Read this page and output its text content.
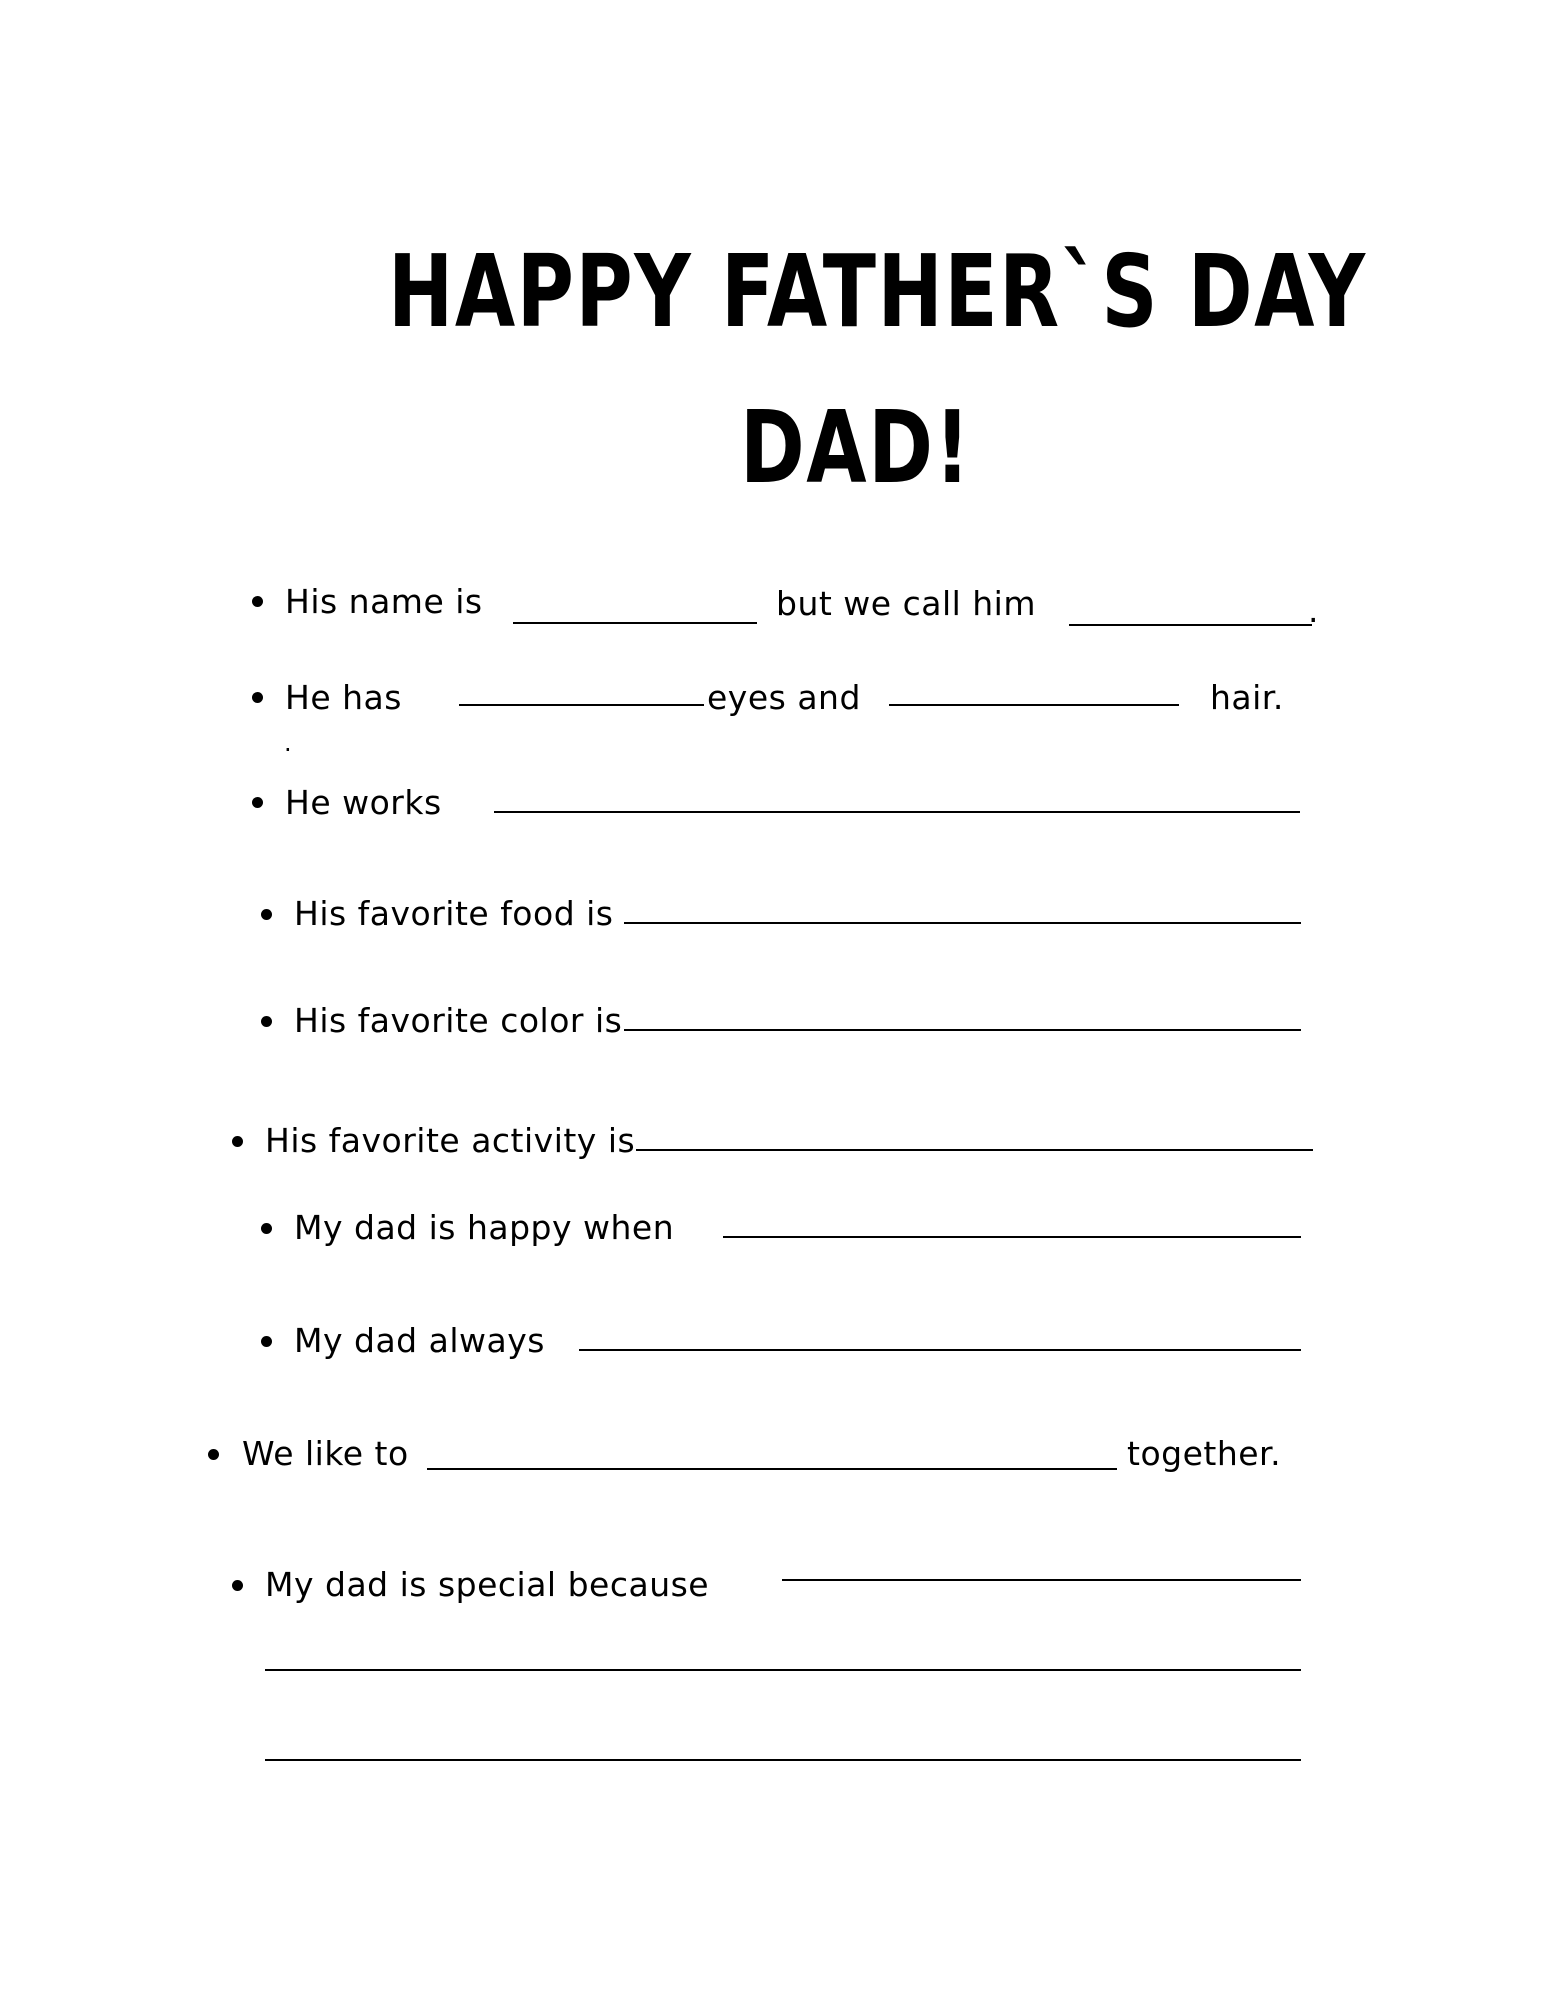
HAPPY FATHER`S DAY
DAD!
His name is	but we call him	.
He has	eyes and	hair.
.
He works
His favorite food is
His favorite color is
His favorite activity is
My dad is happy when
My dad always
We like to	together.
My dad is special because
